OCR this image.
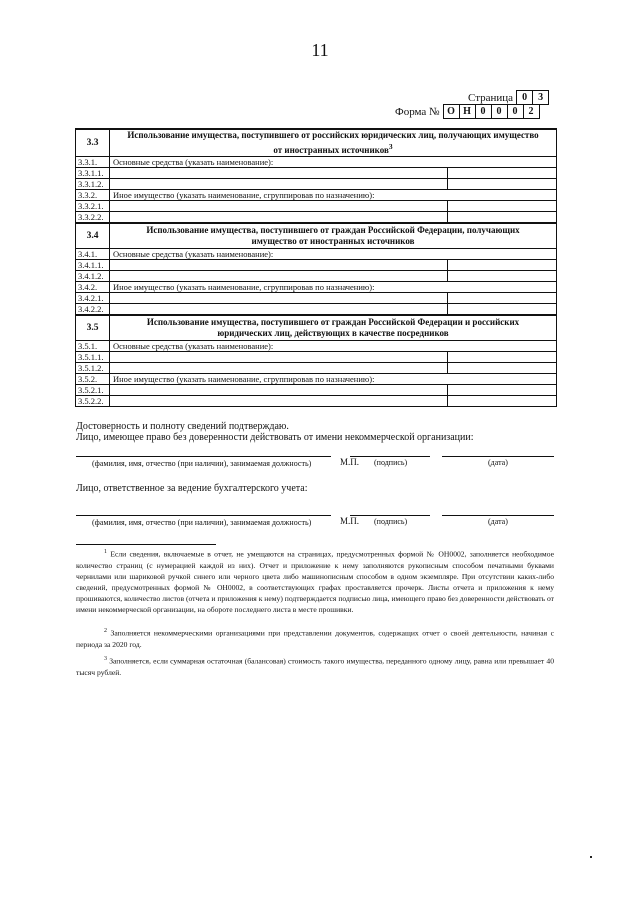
11
Страница 0	3
Форма № О Н 0	0	0	2
3.3	Использование имущества, поступившего от российских юридических лиц, получающих имущество
от иностранных источников$^3$
3.3.1.	Основные средства (указать наименование):	
3.3.1.1.		
3.3.1.2.		
3.3.2.	Иное имущество (указать наименование, сгруппировав по назначению):	
3.3.2.1.		
3.3.2.2.		
3.4	Использование имущества, поступившего от граждан Российской Федерации, получающих
имущество от иностранных источников	
3.4.1.	Основные средства (указать наименование):	
3.4.1.1.		
3.4.1.2.		
3.4.2.	Иное имущество (указать наименование, сгруппировав по назначению):	
3.4.2.1.		
3.4.2.2.		
3.5	Использование имущества, поступившего от граждан Российской Федерации и российских
юридических лиц, действующих в качестве посредников	
3.5.1.	Основные средства (указать наименование):	
3.5.1.1.		
3.5.1.2.		
3.5.2.	Иное имущество (указать наименование, сгруппировав по назначению):	
3.5.2.1.		
3.5.2.2.		
Достоверность и полноту сведений подтверждаю.
Лицо, имеющее право без доверенности действовать от имени некоммерческой организации:
(фамилия, имя, отчество (при наличии), занимаемая должность)	М.П. (подпись)	(дата)
Лицо, ответственное за ведение бухгалтерского учета:
(фамилия, имя, отчество (при наличии), занимаемая должность)	М.П. (подпись)	(дата)
$^1$ Если сведения, включаемые в отчет, не умещаются на страницах, предусмотренных формой № ОН0002, заполняется необходимое количество страниц (с нумерацией каждой из них). Отчет и приложение к нему заполняются рукописным способом печатными буквами чернилами или шариковой ручкой синего или черного цвета либо машинописным способом в одном экземпляре. При отсутствии каких-либо сведений, предусмотренных формой № ОН0002, в соответствующих графах проставляется прочерк. Листы отчета и приложения к нему прошиваются, количество листов (отчета и приложения к нему) подтверждается подписью лица, имеющего право без доверенности действовать от имени некоммерческой организации, на обороте последнего листа в месте прошивки.
$^2$ Заполняется некоммерческими организациями при представлении документов, содержащих отчет о своей деятельности, начиная с периода за 2020 год.
$^3$ Заполняется, если суммарная остаточная (балансовая) стоимость такого имущества, переданного одному лицу, равна или превышает 40 тысяч рублей.
